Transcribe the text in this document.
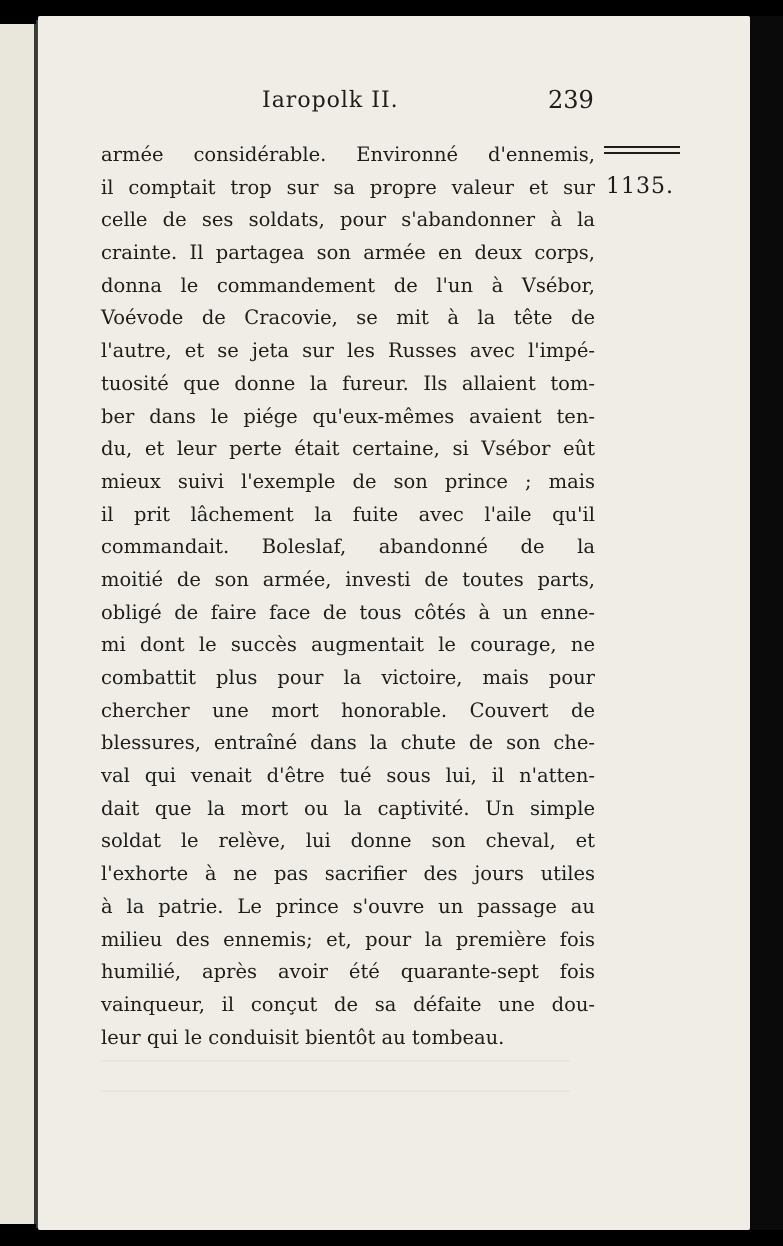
Iaropolk II.	239
1135.
armée considérable. Environné d'ennemis,
il comptait trop sur sa propre valeur et sur
celle de ses soldats, pour s'abandonner à la
crainte. Il partagea son armée en deux corps,
donna le commandement de l'un à Vsébor,
Voévode de Cracovie, se mit à la tête de
l'autre, et se jeta sur les Russes avec l'impé-
tuosité que donne la fureur. Ils allaient tom-
ber dans le piége qu'eux-mêmes avaient ten-
du, et leur perte était certaine, si Vsébor eût
mieux suivi l'exemple de son prince ; mais
il prit lâchement la fuite avec l'aile qu'il
commandait. Boleslaf, abandonné de la
moitié de son armée, investi de toutes parts,
obligé de faire face de tous côtés à un enne-
mi dont le succès augmentait le courage, ne
combattit plus pour la victoire, mais pour
chercher une mort honorable. Couvert de
blessures, entraîné dans la chute de son che-
val qui venait d'être tué sous lui, il n'atten-
dait que la mort ou la captivité. Un simple
soldat le relève, lui donne son cheval, et
l'exhorte à ne pas sacrifier des jours utiles
à la patrie. Le prince s'ouvre un passage au
milieu des ennemis; et, pour la première fois
humilié, après avoir été quarante-sept fois
vainqueur, il conçut de sa défaite une dou-
leur qui le conduisit bientôt au tombeau.
